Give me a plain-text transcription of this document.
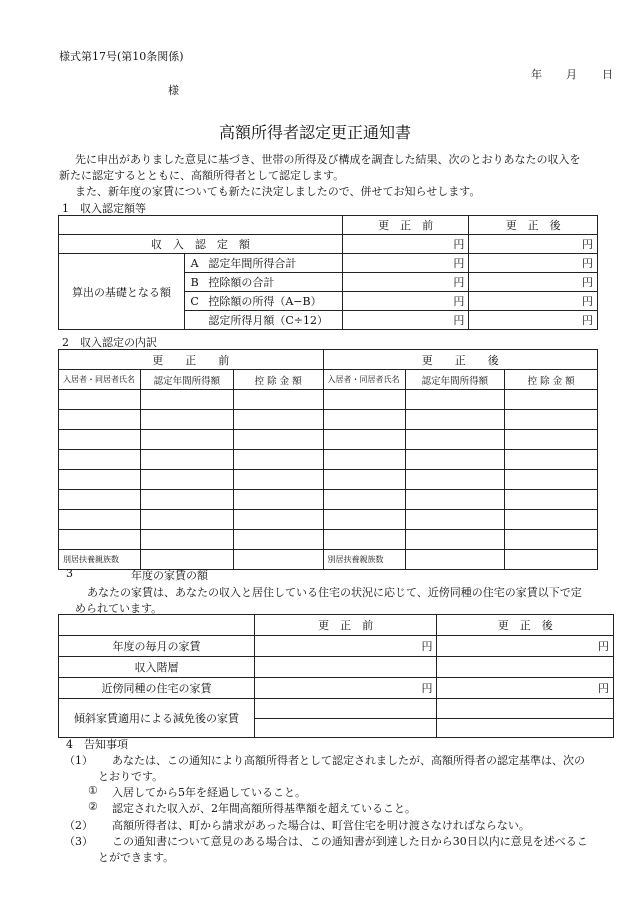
様式第17号(第10条関係)
年 月 日
様
高額所得者認定更正通知書
先に申出がありました意見に基づき、世帯の所得及び構成を調査した結果、次のとおりあなたの収入を
新たに認定するとともに、高額所得者として認定します。
また、新年度の家賃についても新たに決定しましたので、併せてお知らせします。
1　収入認定額等
			更　正　前	更　正　後
収　入　認　定　額			円	円
算出の基礎となる額	A	認定年間所得合計	円	円
	B	控除額の合計	円	円
	C	控除額の所得（A−B）	円	円
		認定所得月額（C÷12）	円	円
2　収入認定の内訳
更　　正　　前			更　　正　　後		
入居者・同居者氏名	認定年間所得額	控 除 金 額	入居者・同居者氏名	認定年間所得額	控 除 金 額

別居扶養親族数			別居扶養親族数		
3	年度の家賃の額
あなたの家賃は、あなたの収入と居住している住宅の状況に応じて、近傍同種の住宅の家賃以下で定
められています。
	更　正　前	更　正　後
年度の毎月の家賃	円	円
収入階層		
近傍同種の住宅の家賃	円	円
傾斜家賃適用による減免後の家賃		

4　告知事項
（1） あなたは、この通知により高額所得者として認定されましたが、高額所得者の認定基準は、次の
とおりです。
① 入居してから5年を経過していること。
② 認定された収入が、2年間高額所得基準額を超えていること。
（2） 高額所得者は、町から請求があった場合は、町営住宅を明け渡さなければならない。
（3） この通知書について意見のある場合は、この通知書が到達した日から30日以内に意見を述べるこ
とができます。
